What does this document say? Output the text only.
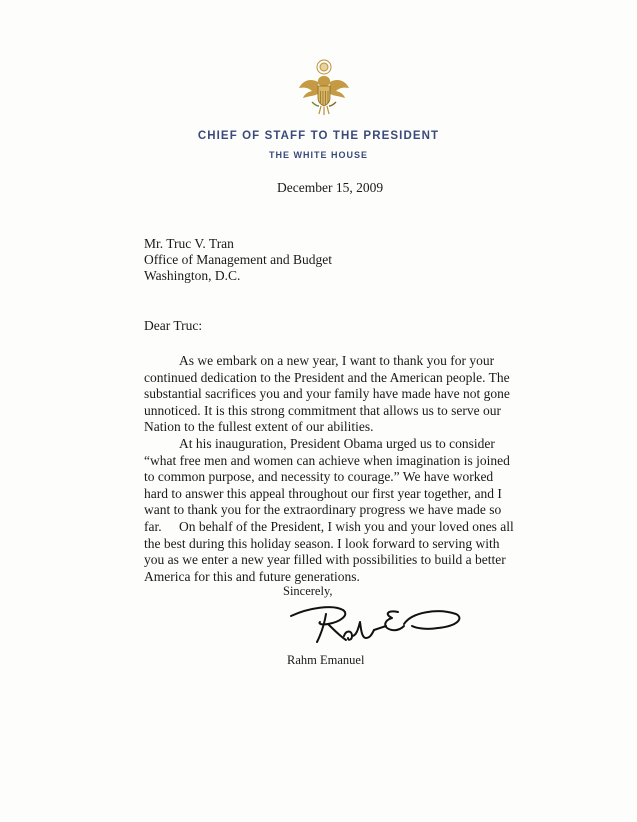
CHIEF OF STAFF TO THE PRESIDENT
THE WHITE HOUSE
December 15, 2009
Mr. Truc V. Tran
Office of Management and Budget
Washington, D.C.
Dear Truc:
As we embark on a new year, I want to thank you for your continued dedication to the President and the American people. The substantial sacrifices you and your family have made have not gone unnoticed. It is this strong commitment that allows us to serve our Nation to the fullest extent of our abilities.
At his inauguration, President Obama urged us to consider “what free men and women can achieve when imagination is joined to common purpose, and necessity to courage.” We have worked hard to answer this appeal throughout our first year together, and I want to thank you for the extraordinary progress we have made so far.	On behalf of the President, I wish you and your loved ones all the best during this holiday season. I look forward to serving with you as we enter a new year filled with possibilities to build a better America for this and future generations.
Sincerely,
Rahm Emanuel
